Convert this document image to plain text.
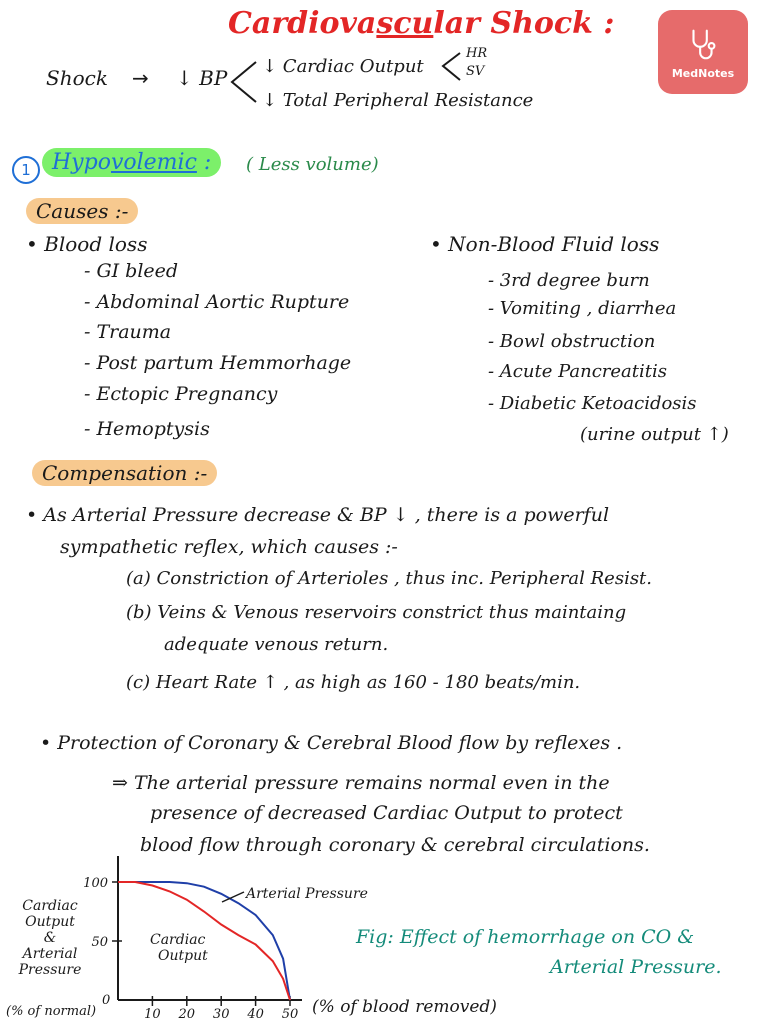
Cardiovascular Shock :
MedNotes
Shock → ↓ BP ↓ Cardiac Output
HR
SV
↓ Total Peripheral Resistance
1 Hypovolemic :	( Less volume)
Causes :-
• Blood loss
- GI bleed
- Abdominal Aortic Rupture
- Trauma
- Post partum Hemmorhage
- Ectopic Pregnancy
- Hemoptysis
• Non-Blood Fluid loss
- 3rd degree burn
- Vomiting , diarrhea
- Bowl obstruction
- Acute Pancreatitis
- Diabetic Ketoacidosis
(urine output ↑)
Compensation :-
• As Arterial Pressure decrease & BP ↓ , there is a powerful
sympathetic reflex, which causes :-
(a) Constriction of Arterioles , thus inc. Peripheral Resist.
(b) Veins & Venous reservoirs constrict thus maintaing
adequate venous return.
(c) Heart Rate ↑ , as high as 160 - 180 beats/min.
• Protection of Coronary & Cerebral Blood flow by reflexes .
⇒ The arterial pressure remains normal even in the
presence of decreased Cardiac Output to protect
blood flow through coronary & cerebral circulations.
Cardiac
Output
&
Arterial
Pressure
(% of normal)
50
100
0
10 20 30 40 50 (% of blood removed)
Arterial Pressure
Cardiac
Output
Fig: Effect of hemorrhage on CO &
Arterial Pressure.
